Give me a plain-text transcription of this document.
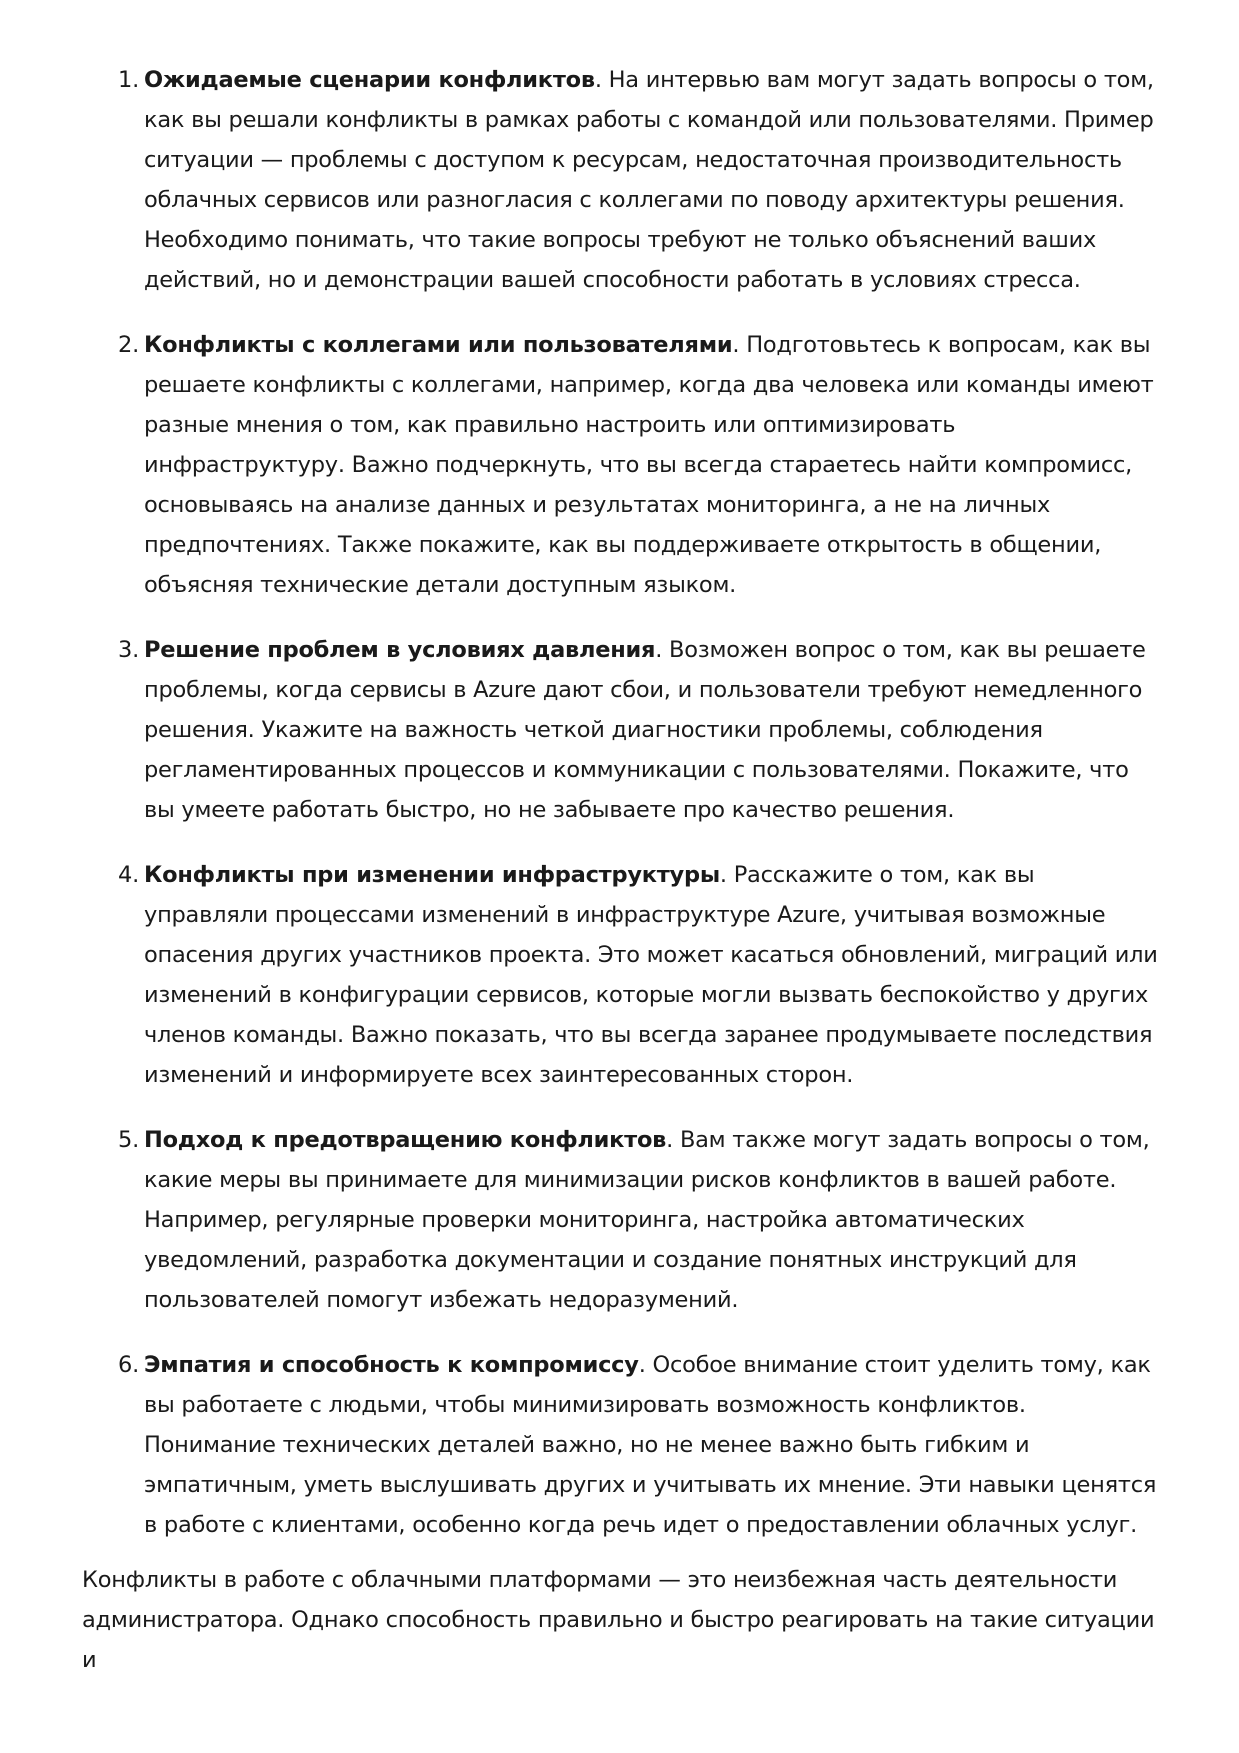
1. Ожидаемые сценарии конфликтов. На интервью вам могут задать вопросы о том, как вы решали конфликты в рамках работы с командой или пользователями. Пример ситуации — проблемы с доступом к ресурсам, недостаточная производительность облачных сервисов или разногласия с коллегами по поводу архитектуры решения. Необходимо понимать, что такие вопросы требуют не только объяснений ваших действий, но и демонстрации вашей способности работать в условиях стресса.
2. Конфликты с коллегами или пользователями. Подготовьтесь к вопросам, как вы решаете конфликты с коллегами, например, когда два человека или команды имеют разные мнения о том, как правильно настроить или оптимизировать инфраструктуру. Важно подчеркнуть, что вы всегда стараетесь найти компромисс, основываясь на анализе данных и результатах мониторинга, а не на личных предпочтениях. Также покажите, как вы поддерживаете открытость в общении, объясняя технические детали доступным языком.
3. Решение проблем в условиях давления. Возможен вопрос о том, как вы решаете проблемы, когда сервисы в Azure дают сбои, и пользователи требуют немедленного решения. Укажите на важность четкой диагностики проблемы, соблюдения регламентированных процессов и коммуникации с пользователями. Покажите, что вы умеете работать быстро, но не забываете про качество решения.
4. Конфликты при изменении инфраструктуры. Расскажите о том, как вы управляли процессами изменений в инфраструктуре Azure, учитывая возможные опасения других участников проекта. Это может касаться обновлений, миграций или изменений в конфигурации сервисов, которые могли вызвать беспокойство у других членов команды. Важно показать, что вы всегда заранее продумываете последствия изменений и информируете всех заинтересованных сторон.
5. Подход к предотвращению конфликтов. Вам также могут задать вопросы о том, какие меры вы принимаете для минимизации рисков конфликтов в вашей работе. Например, регулярные проверки мониторинга, настройка автоматических уведомлений, разработка документации и создание понятных инструкций для пользователей помогут избежать недоразумений.
6. Эмпатия и способность к компромиссу. Особое внимание стоит уделить тому, как вы работаете с людьми, чтобы минимизировать возможность конфликтов. Понимание технических деталей важно, но не менее важно быть гибким и эмпатичным, уметь выслушивать других и учитывать их мнение. Эти навыки ценятся в работе с клиентами, особенно когда речь идет о предоставлении облачных услуг.

Конфликты в работе с облачными платформами — это неизбежная часть деятельности администратора. Однако способность правильно и быстро реагировать на такие ситуации и
